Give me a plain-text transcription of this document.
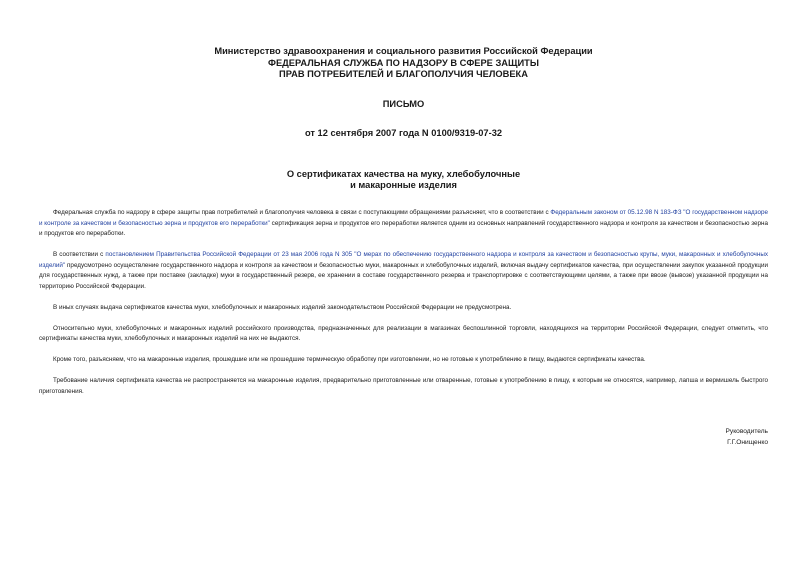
Министерство здравоохранения и социального развития Российской Федерации
ФЕДЕРАЛЬНАЯ СЛУЖБА ПО НАДЗОРУ В СФЕРЕ ЗАЩИТЫ
ПРАВ ПОТРЕБИТЕЛЕЙ И БЛАГОПОЛУЧИЯ ЧЕЛОВЕКА
ПИСЬМО
от 12 сентября 2007 года N 0100/9319-07-32
О сертификатах качества на муку, хлебобулочные
и макаронные изделия

Федеральная служба по надзору в сфере защиты прав потребителей и благополучия человека в связи с поступающими обращениями разъясняет, что в соответствии с Федеральным законом от 05.12.98 N 183-ФЗ "О государственном надзоре и контроле за качеством и безопасностью зерна и продуктов его переработки" сертификация зерна и продуктов его переработки является одним из основных направлений государственного надзора и контроля за качеством и безопасностью зерна и продуктов его переработки.

В соответствии с постановлением Правительства Российской Федерации от 23 мая 2006 года N 305 "О мерах по обеспечению государственного надзора и контроля за качеством и безопасностью крупы, муки, макаронных и хлебобулочных изделий" предусмотрено осуществление государственного надзора и контроля за качеством и безопасностью муки, макаронных и хлебобулочных изделий, включая выдачу сертификатов качества, при осуществлении закупок указанной продукции для государственных нужд, а также при поставке (закладке) муки в государственный резерв, ее хранении в составе государственного резерва и транспортировке с соответствующими целями, а также при ввозе (вывозе) указанной продукции на территорию Российской Федерации.

В иных случаях выдача сертификатов качества муки, хлебобулочных и макаронных изделий законодательством Российской Федерации не предусмотрена.

Относительно муки, хлебобулочных и макаронных изделий российского производства, предназначенных для реализации в магазинах беспошлинной торговли, находящихся на территории Российской Федерации, следует отметить, что сертификаты качества муки, хлебобулочных и макаронных изделий на них не выдаются.

Кроме того, разъясняем, что на макаронные изделия, прошедшие или не прошедшие термическую обработку при изготовлении, но не готовые к употреблению в пищу, выдаются сертификаты качества.

Требование наличия сертификата качества не распространяется на макаронные изделия, предварительно приготовленные или отваренные, готовые к употреблению в пищу, к которым не относятся, например, лапша и вермишель быстрого приготовления.

Руководитель
Г.Г.Онищенко
